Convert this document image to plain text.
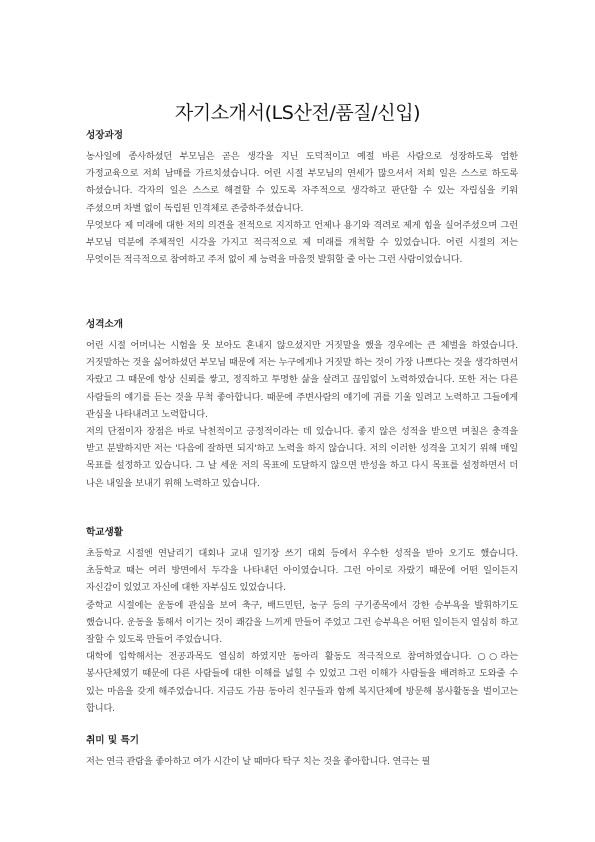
자기소개서(LS산전/품질/신입)
성장과정
농사일에 종사하셨던 부모님은 곧은 생각을 지닌 도덕적이고 예절 바른 사람으로 성장하도록 엄한 가정교육으로 저희 남매를 가르치셨습니다. 어린 시절 부모님의 연세가 많으셔서 저희 일은 스스로 하도록 하셨습니다. 각자의 일은 스스로 해결할 수 있도록 자주적으로 생각하고 판단할 수 있는 자립심을 키워 주셨으며 차별 없이 독립된 인격체로 존중하주셨습니다.
무엇보다 제 미래에 대한 저의 의견을 전적으로 지지하고 언제나 용기와 격려로 제게 힘을 실어주셨으며 그런 부모님 덕분에 주체적인 시각을 가지고 적극적으로 제 미래를 개척할 수 있었습니다. 어린 시절의 저는 무엇이든 적극적으로 참여하고 주저 없이 제 능력을 마음껏 발휘할 줄 아는 그런 사람이었습니다.
성격소개
어린 시절 어머니는 시험을 못 보아도 혼내지 않으셨지만 거짓말을 했을 경우에는 큰 체벌을 하였습니다. 거짓말하는 것을 싫어하셨던 부모님 때문에 저는 누구에게나 거짓말 하는 것이 가장 나쁘다는 것을 생각하면서 자랐고 그 때문에 항상 신뢰를 쌓고, 정직하고 투명한 삶을 살려고 끊임없이 노력하였습니다. 또한 저는 다른 사람들의 얘기를 듣는 것을 무척 좋아합니다. 때문에 주변사람의 얘기에 귀를 기울 일려고 노력하고 그들에게 관심을 나타내려고 노력합니다.
저의 단점이자 장점은 바로 낙천적이고 긍정적이라는 데 있습니다. 좋지 않은 성적을 받으면 며칠은 충격을 받고 분발하지만 저는 '다음에 잘하면 되지'하고 노력을 하지 않습니다. 저의 이러한 성격을 고치기 위해 매일 목표를 설정하고 있습니다. 그 날 세운 저의 목표에 도달하지 않으면 반성을 하고 다시 목표를 설정하면서 더 나은 내일을 보내기 위해 노력하고 있습니다.
학교생활
초등학교 시절엔 연날리기 대회나 교내 일기장 쓰기 대회 등에서 우수한 성적을 받아 오기도 했습니다. 초등학교 때는 여러 방면에서 두각을 나타내던 아이였습니다. 그런 아이로 자랐기 때문에 어떤 일이든지 자신감이 있었고 자신에 대한 자부심도 있었습니다.
중학교 시절에는 운동에 관심을 보여 축구, 배드민턴, 농구 등의 구기종목에서 강한 승부욕을 발휘하기도 했습니다. 운동을 통해서 이기는 것이 쾌감을 느끼게 만들어 주었고 그런 승부욕은 어떤 일이든지 열심히 하고 잘할 수 있도록 만들어 주었습니다.
대학에 입학해서는 전공과목도 열심히 하였지만 동아리 활동도 적극적으로 참여하였습니다. ○○라는 봉사단체였기 때문에 다른 사람들에 대한 이해를 넓힐 수 있었고 그런 이해가 사람들을 배려하고 도와줄 수 있는 마음을 갖게 해주었습니다. 지금도 가끔 동아리 친구들과 함께 복지단체에 방문해 봉사활동을 벌이고는 합니다.
취미 및 특기
저는 연극 관람을 좋아하고 여가 시간이 날 때마다 탁구 치는 것을 좋아합니다. 연극는 필
